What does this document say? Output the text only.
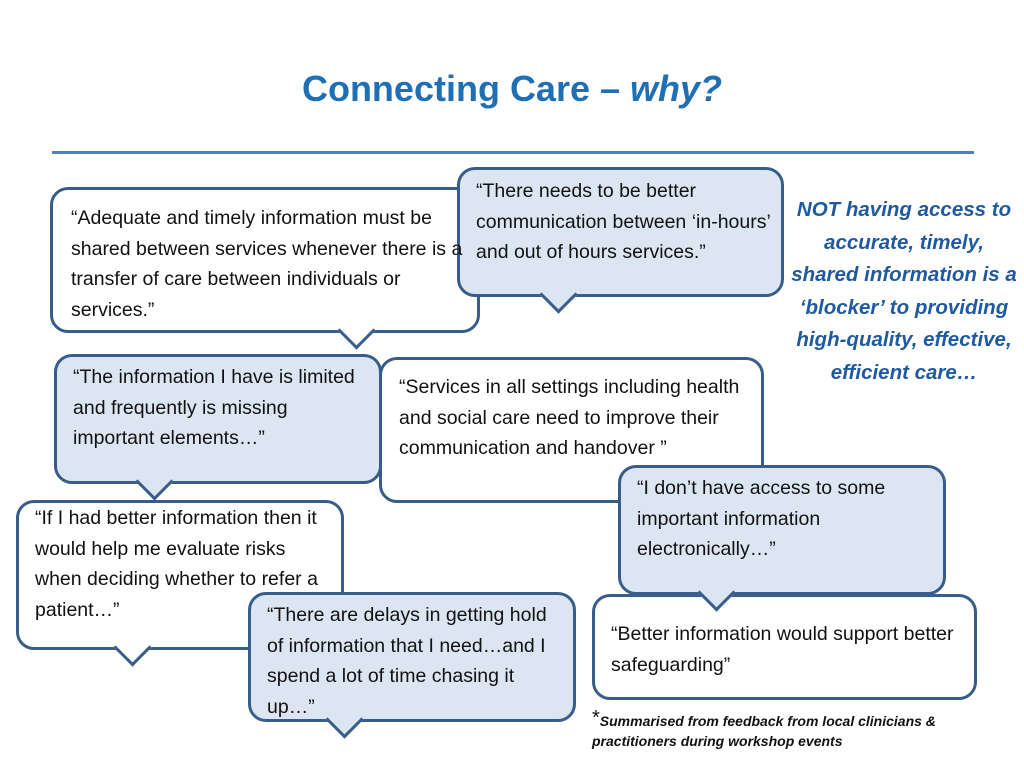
Connecting Care – why?
“Adequate and timely information must be shared between services whenever there is a transfer of care between individuals or services.”
“Services in all settings including health and social care need to improve their communication and handover ”
“If I had better information then it would help me evaluate risks when deciding whether to refer a patient…”
“There needs to be better communication between ‘in-hours’ and out of hours services.”
“The information I have is limited and frequently is missing important elements…”
“I don’t have access to some important information electronically…”
“Better information would support better safeguarding”
“There are delays in getting hold of information that I need…and I spend a lot of time chasing it up…”
NOT having access to accurate, timely, shared information is a ‘blocker’ to providing high-quality, effective, efficient care…
*Summarised from feedback from local clinicians & practitioners during workshop events
